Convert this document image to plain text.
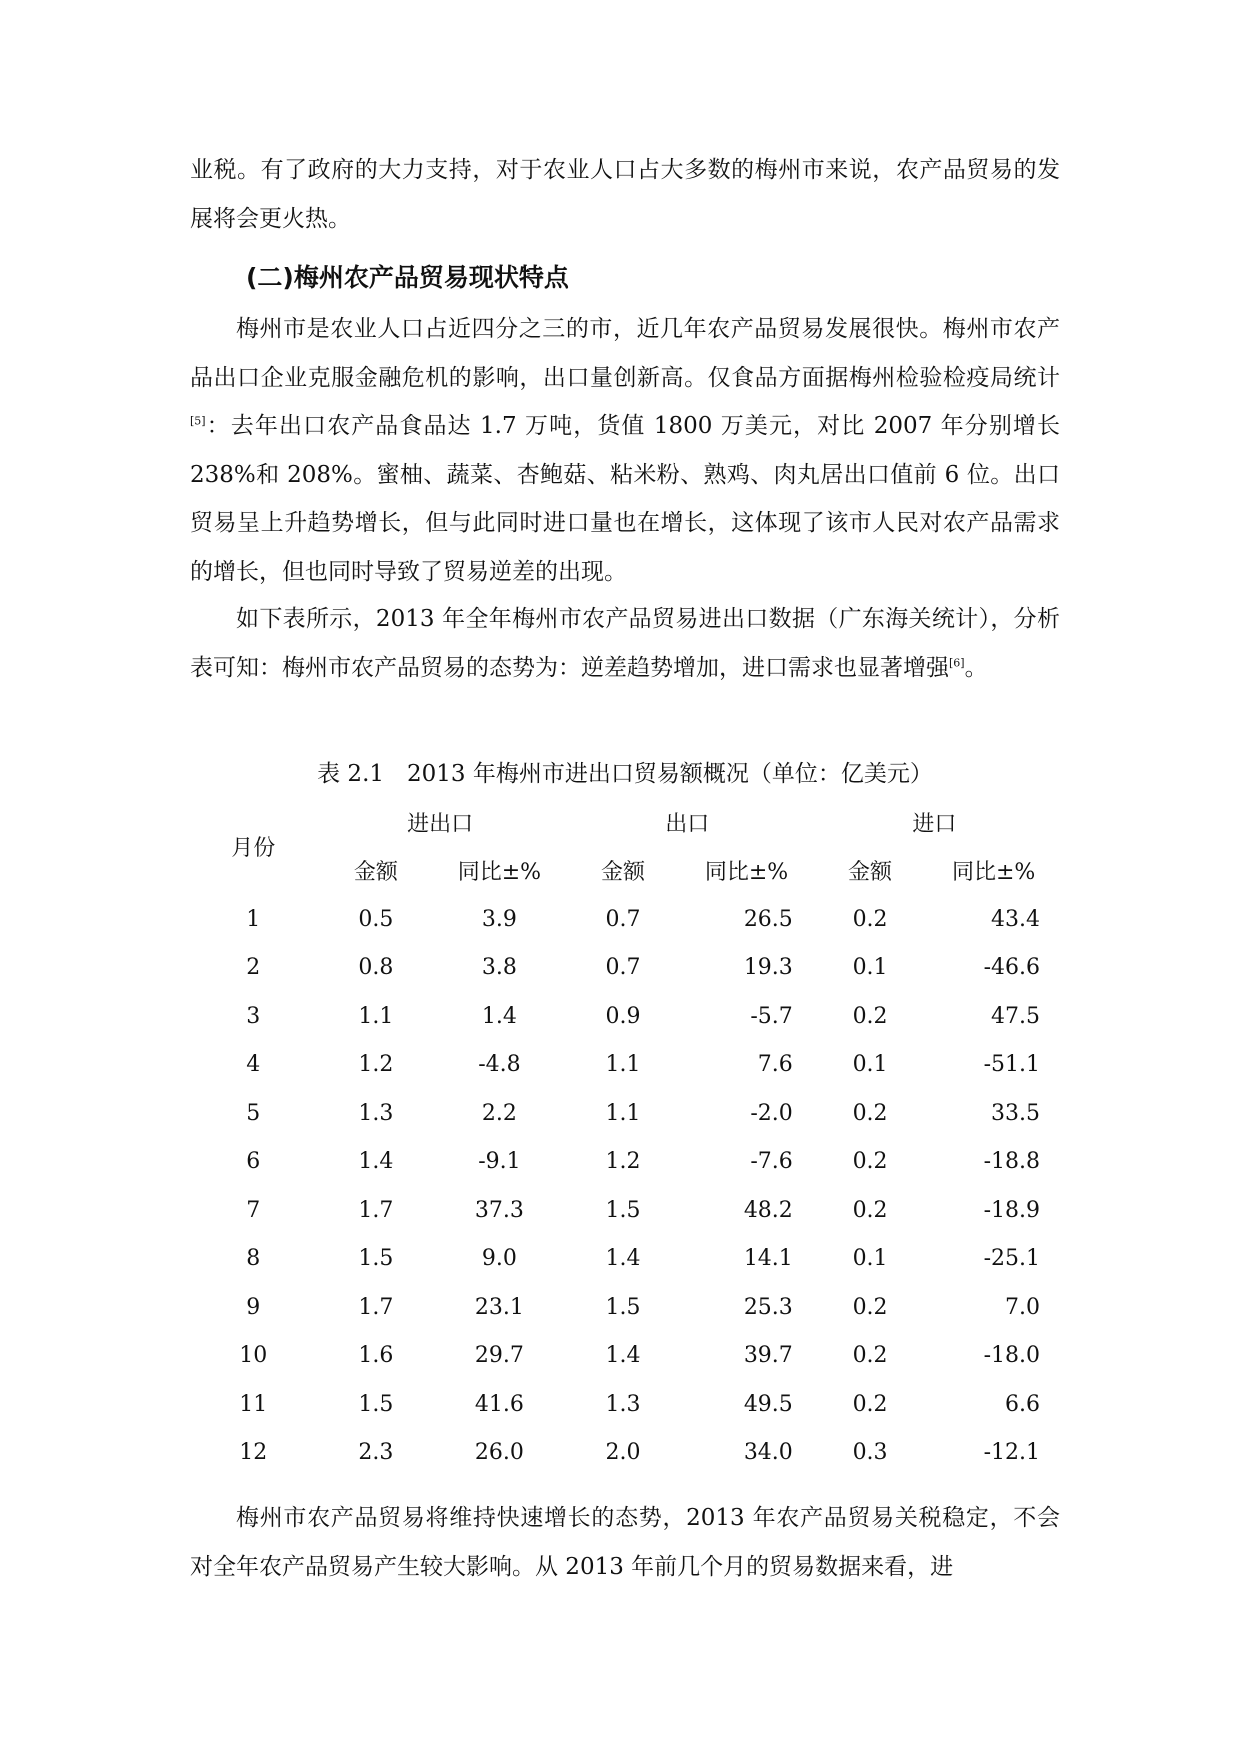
业税。有了政府的大力支持，对于农业人口占大多数的梅州市来说，农产品贸易的发展将会更火热。

(二)梅州农产品贸易现状特点

梅州市是农业人口占近四分之三的市，近几年农产品贸易发展很快。梅州市农产品出口企业克服金融危机的影响，出口量创新高。仅食品方面据梅州检验检疫局统计[5]：去年出口农产品食品达 1.7 万吨，货值 1800 万美元，对比 2007 年分别增长 238%和 208%。蜜柚、蔬菜、杏鲍菇、粘米粉、熟鸡、肉丸居出口值前 6 位。出口贸易呈上升趋势增长，但与此同时进口量也在增长，这体现了该市人民对农产品需求的增长，但也同时导致了贸易逆差的出现。

如下表所示，2013 年全年梅州市农产品贸易进出口数据（广东海关统计），分析表可知：梅州市农产品贸易的态势为：逆差趋势增加，进口需求也显著增强[6]。

表 2.1　2013 年梅州市进出口贸易额概况（单位：亿美元）

月份	进出口		出口		进口	
	金额	同比±%	金额	同比±%	金额	同比±%
1	0.5	3.9	0.7	26.5	0.2	43.4
2	0.8	3.8	0.7	19.3	0.1	-46.6
3	1.1	1.4	0.9	-5.7	0.2	47.5
4	1.2	-4.8	1.1	7.6	0.1	-51.1
5	1.3	2.2	1.1	-2.0	0.2	33.5
6	1.4	-9.1	1.2	-7.6	0.2	-18.8
7	1.7	37.3	1.5	48.2	0.2	-18.9
8	1.5	9.0	1.4	14.1	0.1	-25.1
9	1.7	23.1	1.5	25.3	0.2	7.0
10	1.6	29.7	1.4	39.7	0.2	-18.0
11	1.5	41.6	1.3	49.5	0.2	6.6
12	2.3	26.0	2.0	34.0	0.3	-12.1

梅州市农产品贸易将维持快速增长的态势，2013 年农产品贸易关税稳定，不会对全年农产品贸易产生较大影响。从 2013 年前几个月的贸易数据来看，进
